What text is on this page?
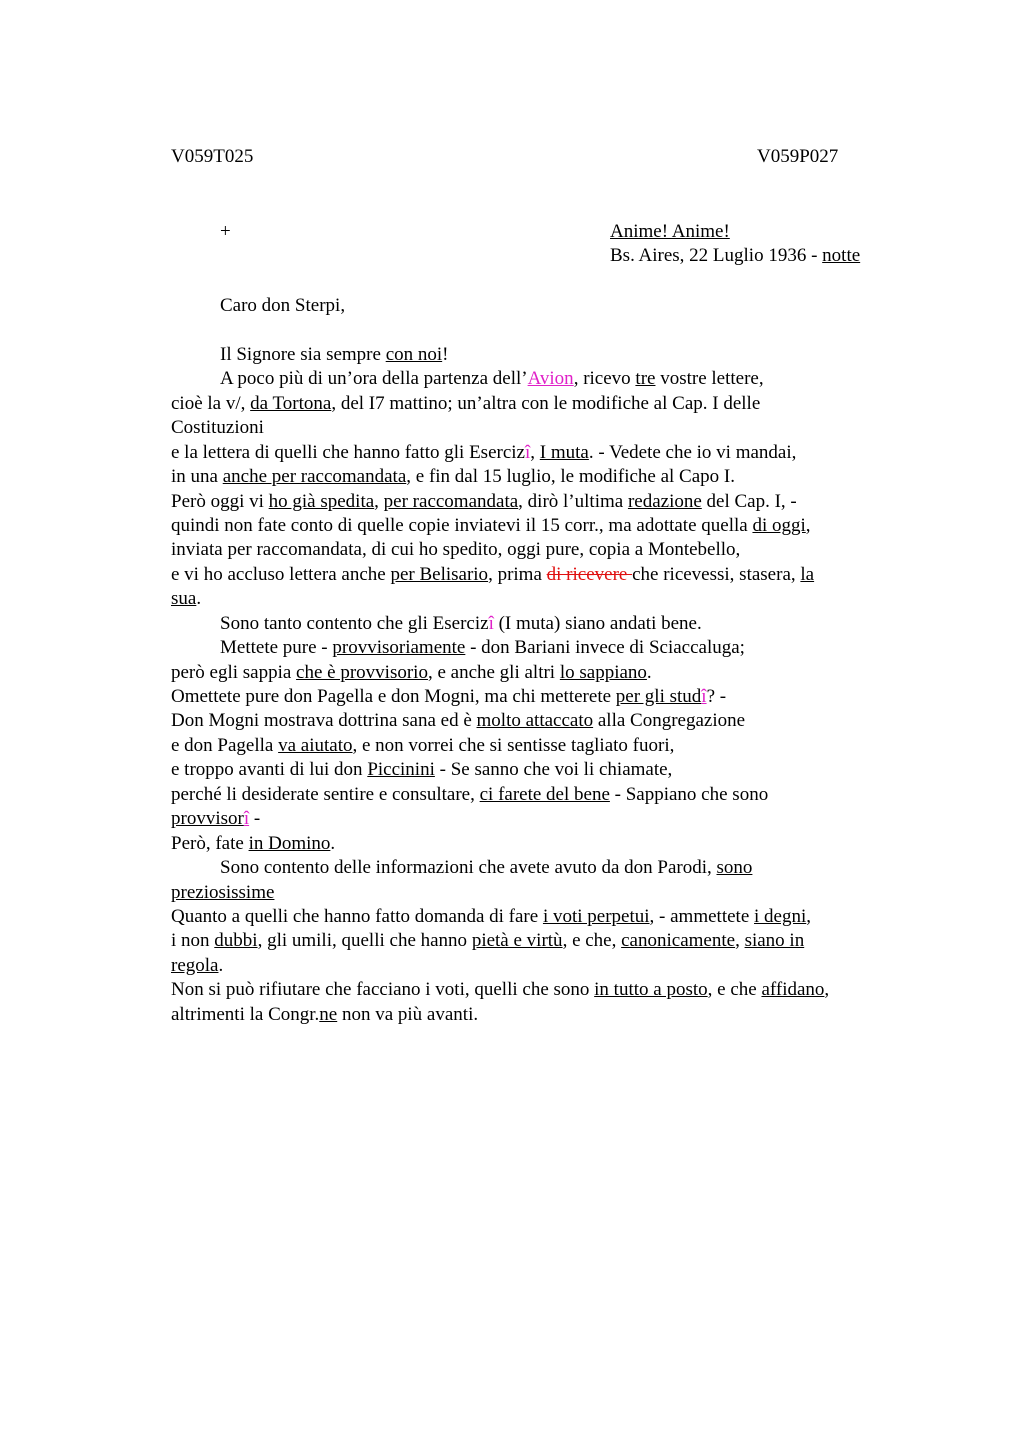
V059T025	V059P027
+	Anime! Anime!
Bs. Aires, 22 Luglio 1936 - notte
Caro don Sterpi,
Il Signore sia sempre con noi!
A poco più di un’ora della partenza dell’Avion, ricevo tre vostre lettere,
cioè la v/, da Tortona, del I7 mattino; un’altra con le modifiche al Cap. I delle
Costituzioni
e la lettera di quelli che hanno fatto gli Esercizî, I muta. - Vedete che io vi mandai,
in una anche per raccomandata, e fin dal 15 luglio, le modifiche al Capo I.
Però oggi vi ho già spedita, per raccomandata, dirò l’ultima redazione del Cap. I, -
quindi non fate conto di quelle copie inviatevi il 15 corr., ma adottate quella di oggi,
inviata per raccomandata, di cui ho spedito, oggi pure, copia a Montebello,
e vi ho accluso lettera anche per Belisario, prima di ricevere che ricevessi, stasera, la
sua.
Sono tanto contento che gli Esercizî (I muta) siano andati bene.
Mettete pure - provvisoriamente - don Bariani invece di Sciaccaluga;
però egli sappia che è provvisorio, e anche gli altri lo sappiano.
Omettete pure don Pagella e don Mogni, ma chi metterete per gli studî? -
Don Mogni mostrava dottrina sana ed è molto attaccato alla Congregazione
e don Pagella va aiutato, e non vorrei che si sentisse tagliato fuori,
e troppo avanti di lui don Piccinini - Se sanno che voi li chiamate,
perché li desiderate sentire e consultare, ci farete del bene - Sappiano che sono
provvisorî -
Però, fate in Domino.
Sono contento delle informazioni che avete avuto da don Parodi, sono
preziosissime
Quanto a quelli che hanno fatto domanda di fare i voti perpetui, - ammettete i degni,
i non dubbi, gli umili, quelli che hanno pietà e virtù, e che, canonicamente, siano in
regola.
Non si può rifiutare che facciano i voti, quelli che sono in tutto a posto, e che affidano,
altrimenti la Congr.ne non va più avanti.
